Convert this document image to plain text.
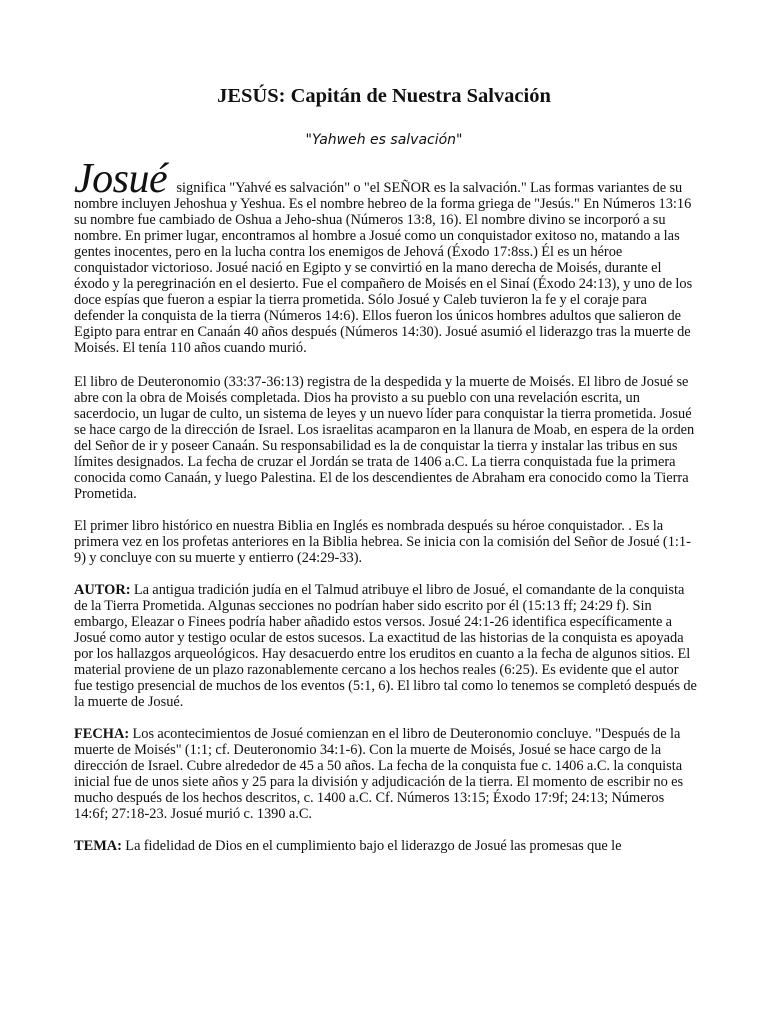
JESÚS: Capitán de Nuestra Salvación

"Yahweh es salvación"

Josué significa "Yahvé es salvación" o "el SEÑOR es la salvación." Las formas variantes de su nombre incluyen Jehoshua y Yeshua. Es el nombre hebreo de la forma griega de "Jesús." En Números 13:16 su nombre fue cambiado de Oshua a Jeho-shua (Números 13:8, 16). El nombre divino se incorporó a su nombre. En primer lugar, encontramos al hombre a Josué como un conquistador exitoso no, matando a las gentes inocentes, pero en la lucha contra los enemigos de Jehová (Éxodo 17:8ss.) Él es un héroe conquistador victorioso. Josué nació en Egipto y se convirtió en la mano derecha de Moisés, durante el éxodo y la peregrinación en el desierto. Fue el compañero de Moisés en el Sinaí (Éxodo 24:13), y uno de los doce espías que fueron a espiar la tierra prometida. Sólo Josué y Caleb tuvieron la fe y el coraje para defender la conquista de la tierra (Números 14:6). Ellos fueron los únicos hombres adultos que salieron de Egipto para entrar en Canaán 40 años después (Números 14:30). Josué asumió el liderazgo tras la muerte de Moisés. El tenía 110 años cuando murió.

El libro de Deuteronomio (33:37-36:13) registra de la despedida y la muerte de Moisés. El libro de Josué se abre con la obra de Moisés completada. Dios ha provisto a su pueblo con una revelación escrita, un sacerdocio, un lugar de culto, un sistema de leyes y un nuevo líder para conquistar la tierra prometida. Josué se hace cargo de la dirección de Israel. Los israelitas acamparon en la llanura de Moab, en espera de la orden del Señor de ir y poseer Canaán. Su responsabilidad es la de conquistar la tierra y instalar las tribus en sus límites designados. La fecha de cruzar el Jordán se trata de 1406 a.C. La tierra conquistada fue la primera conocida como Canaán, y luego Palestina. El de los descendientes de Abraham era conocido como la Tierra Prometida.

El primer libro histórico en nuestra Biblia en Inglés es nombrada después su héroe conquistador. . Es la primera vez en los profetas anteriores en la Biblia hebrea. Se inicia con la comisión del Señor de Josué (1:1-9) y concluye con su muerte y entierro (24:29-33).

AUTOR: La antigua tradición judía en el Talmud atribuye el libro de Josué, el comandante de la conquista de la Tierra Prometida. Algunas secciones no podrían haber sido escrito por él (15:13 ff; 24:29 f). Sin embargo, Eleazar o Finees podría haber añadido estos versos. Josué 24:1-26 identifica específicamente a Josué como autor y testigo ocular de estos sucesos. La exactitud de las historias de la conquista es apoyada por los hallazgos arqueológicos. Hay desacuerdo entre los eruditos en cuanto a la fecha de algunos sitios. El material proviene de un plazo razonablemente cercano a los hechos reales (6:25). Es evidente que el autor fue testigo presencial de muchos de los eventos (5:1, 6). El libro tal como lo tenemos se completó después de la muerte de Josué.

FECHA: Los acontecimientos de Josué comienzan en el libro de Deuteronomio concluye. "Después de la muerte de Moisés" (1:1; cf. Deuteronomio 34:1-6). Con la muerte de Moisés, Josué se hace cargo de la dirección de Israel. Cubre alrededor de 45 a 50 años. La fecha de la conquista fue c. 1406 a.C. la conquista inicial fue de unos siete años y 25 para la división y adjudicación de la tierra. El momento de escribir no es mucho después de los hechos descritos, c. 1400 a.C. Cf. Números 13:15; Éxodo 17:9f; 24:13; Números 14:6f; 27:18-23. Josué murió c. 1390 a.C.

TEMA: La fidelidad de Dios en el cumplimiento bajo el liderazgo de Josué las promesas que le
